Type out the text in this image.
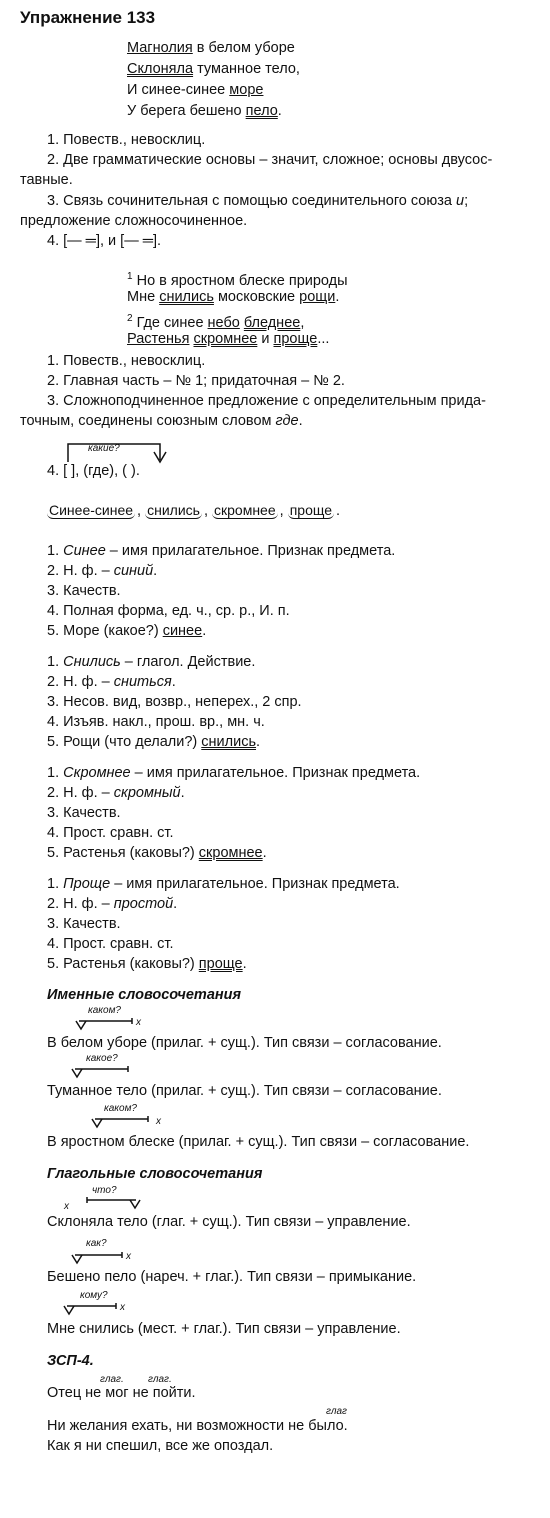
Упражнение 133
Магнолия в белом уборе
Склоняла туманное тело,
И синее-синее море
У берега бешено пело.
1. Повеств., невосклиц.
2. Две грамматические основы – значит, сложное; основы двусос-
тавные.
3. Связь сочинительная с помощью соединительного союза и;
предложение сложносочиненное.
4. [— ═], и [— ═].
$^1$ Но в яростном блеске природы
Мне снились московские рощи.
$^2$ Где синее небо бледнее,
Растенья скромнее и проще...
1. Повеств., невосклиц.
2. Главная часть – № 1; придаточная – № 2.
3. Сложноподчиненное предложение с определительным прида-
точным, соединены союзным словом где.
какие?
4. [ ], (где), ( ).
Синее-синее , снились , скромнее , проще .
1. Синее – имя прилагательное. Признак предмета.
2. Н. ф. – синий.
3. Качеств.
4. Полная форма, ед. ч., ср. р., И. п.
5. Море (какое?) синее.
1. Снились – глагол. Действие.
2. Н. ф. – сниться.
3. Несов. вид, возвр., неперех., 2 спр.
4. Изъяв. накл., прош. вр., мн. ч.
5. Рощи (что делали?) снились.
1. Скромнее – имя прилагательное. Признак предмета.
2. Н. ф. – скромный.
3. Качеств.
4. Прост. сравн. ст.
5. Растенья (каковы?) скромнее.
1. Проще – имя прилагательное. Признак предмета.
2. Н. ф. – простой.
3. Качеств.
4. Прост. сравн. ст.
5. Растенья (каковы?) проще.
Именные словосочетания
каком?
x
В белом уборе (прилаг. + сущ.). Тип связи – согласование.
какое?
Туманное тело (прилаг. + сущ.). Тип связи – согласование.
каком?
x
В яростном блеске (прилаг. + сущ.). Тип связи – согласование.
Глагольные словосочетания
что?
x
Склоняла тело (глаг. + сущ.). Тип связи – управление.
как?
x
Бешено пело (нареч. + глаг.). Тип связи – примыкание.
кому?
x
Мне снились (мест. + глаг.). Тип связи – управление.
ЗСП-4.
глаг. глаг.
Отец не мог не пойти.
глаг
Ни желания ехать, ни возможности не было.
Как я ни спешил, все же опоздал.
